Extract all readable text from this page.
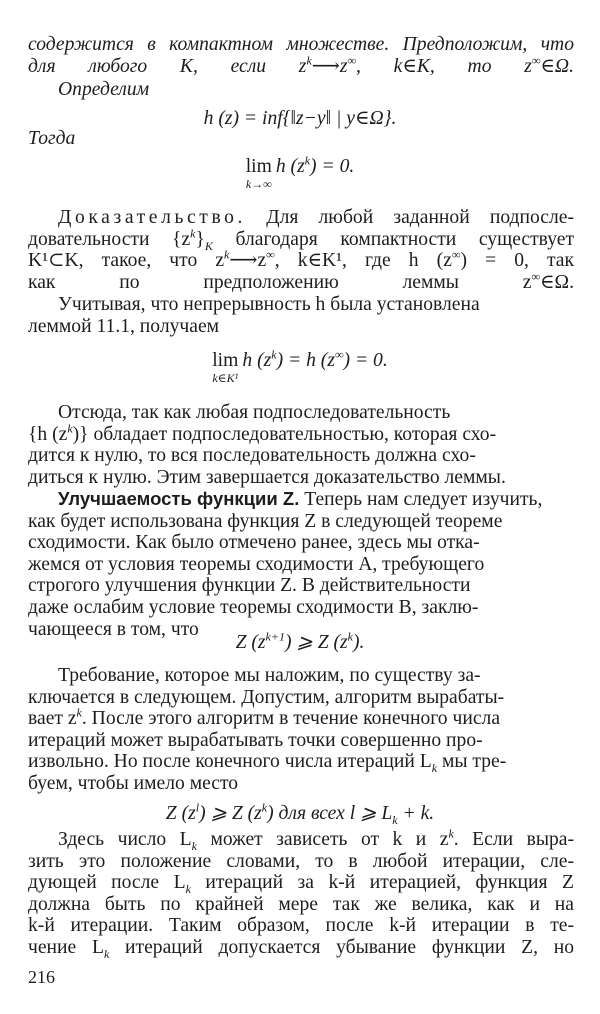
содержится в компактном множестве. Предположим, что
для любого K, если $z^k⟶z^\infty$, k∈K, то z∞∈Ω.

Определим

h (z) = inf{‖z−y‖ | y∈Ω}.

Тогда

lim
k→∞
h $(z^k) = 0$.

Доказательство. Для любой заданной подпосле-
довательности $\{z^k\}_K$ благодаря компактности существует
K¹⊂K, такое, что $z^k⟶z^\infty$, k∈K¹, где h (z∞) = 0, так
как по предположению леммы z∞∈Ω.

Учитывая, что непрерывность h была установлена
леммой 11.1, получаем

lim
k∈K¹
h $(z^k) = h$ (z∞) = 0.

Отсюда, так как любая подпоследовательность
{h $(z^k)$} обладает подпоследовательностью, которая схо-
дится к нулю, то вся последовательность должна схо-
диться к нулю. Этим завершается доказательство леммы.

Улучшаемость функции Z. Теперь нам следует изучить,
как будет использована функция Z в следующей теореме
сходимости. Как было отмечено ранее, здесь мы отка-
жемся от условия теоремы сходимости А, требующего
строгого улучшения функции Z. В действительности
даже ослабим условие теоремы сходимости В, заклю-
чающееся в том, что

Z $(z^{k+1})$ ⩾ Z $(z^k)$.

Требование, которое мы наложим, по существу за-
ключается в следующем. Допустим, алгоритм вырабаты-
вает $z^k$. После этого алгоритм в течение конечного числа
итераций может вырабатывать точки совершенно про-
извольно. Но после конечного числа итераций $L_k$ мы тре-
буем, чтобы имело место

Z $(z^l)$ ⩾ Z $(z^k)$ для всех l ⩾ $L_k + k$.

Здесь число $L_k$ может зависеть от k и $z^k$. Если выра-
зить это положение словами, то в любой итерации, сле-
дующей после $L_k$ итераций за k-й итерацией, функция Z
должна быть по крайней мере так же велика, как и на
k-й итерации. Таким образом, после k-й итерации в те-
чение $L_k$ итераций допускается убывание функции Z, но

216
